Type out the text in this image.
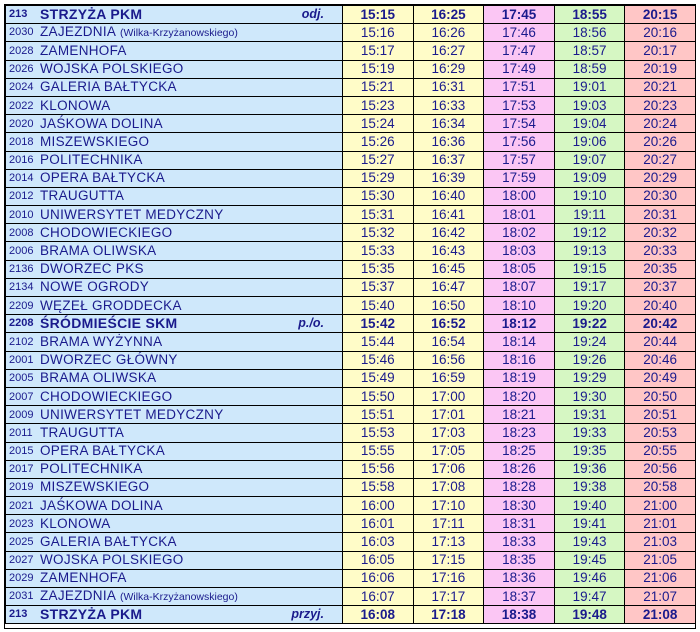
213 STRZYŻA PKM odj.	15:15	16:25	17:45	18:55	20:15
2030 ZAJEZDNIA (Wilka-Krzyżanowskiego)	15:16	16:26	17:46	18:56	20:16
2028 ZAMENHOFA	15:17	16:27	17:47	18:57	20:17
2026 WOJSKA POLSKIEGO	15:19	16:29	17:49	18:59	20:19
2024 GALERIA BAŁTYCKA	15:21	16:31	17:51	19:01	20:21
2022 KLONOWA	15:23	16:33	17:53	19:03	20:23
2020 JAŚKOWA DOLINA	15:24	16:34	17:54	19:04	20:24
2018 MISZEWSKIEGO	15:26	16:36	17:56	19:06	20:26
2016 POLITECHNIKA	15:27	16:37	17:57	19:07	20:27
2014 OPERA BAŁTYCKA	15:29	16:39	17:59	19:09	20:29
2012 TRAUGUTTA	15:30	16:40	18:00	19:10	20:30
2010 UNIWERSYTET MEDYCZNY	15:31	16:41	18:01	19:11	20:31
2008 CHODOWIECKIEGO	15:32	16:42	18:02	19:12	20:32
2006 BRAMA OLIWSKA	15:33	16:43	18:03	19:13	20:33
2136 DWORZEC PKS	15:35	16:45	18:05	19:15	20:35
2134 NOWE OGRODY	15:37	16:47	18:07	19:17	20:37
2209 WĘZEŁ GRODDECKA	15:40	16:50	18:10	19:20	20:40
2208 ŚRÓDMIEŚCIE SKM p./o.	15:42	16:52	18:12	19:22	20:42
2102 BRAMA WYŻYNNA	15:44	16:54	18:14	19:24	20:44
2001 DWORZEC GŁÓWNY	15:46	16:56	18:16	19:26	20:46
2005 BRAMA OLIWSKA	15:49	16:59	18:19	19:29	20:49
2007 CHODOWIECKIEGO	15:50	17:00	18:20	19:30	20:50
2009 UNIWERSYTET MEDYCZNY	15:51	17:01	18:21	19:31	20:51
2011 TRAUGUTTA	15:53	17:03	18:23	19:33	20:53
2015 OPERA BAŁTYCKA	15:55	17:05	18:25	19:35	20:55
2017 POLITECHNIKA	15:56	17:06	18:26	19:36	20:56
2019 MISZEWSKIEGO	15:58	17:08	18:28	19:38	20:58
2021 JAŚKOWA DOLINA	16:00	17:10	18:30	19:40	21:00
2023 KLONOWA	16:01	17:11	18:31	19:41	21:01
2025 GALERIA BAŁTYCKA	16:03	17:13	18:33	19:43	21:03
2027 WOJSKA POLSKIEGO	16:05	17:15	18:35	19:45	21:05
2029 ZAMENHOFA	16:06	17:16	18:36	19:46	21:06
2031 ZAJEZDNIA (Wilka-Krzyżanowskiego)	16:07	17:17	18:37	19:47	21:07
213 STRZYŻA PKM przyj.	16:08	17:18	18:38	19:48	21:08
